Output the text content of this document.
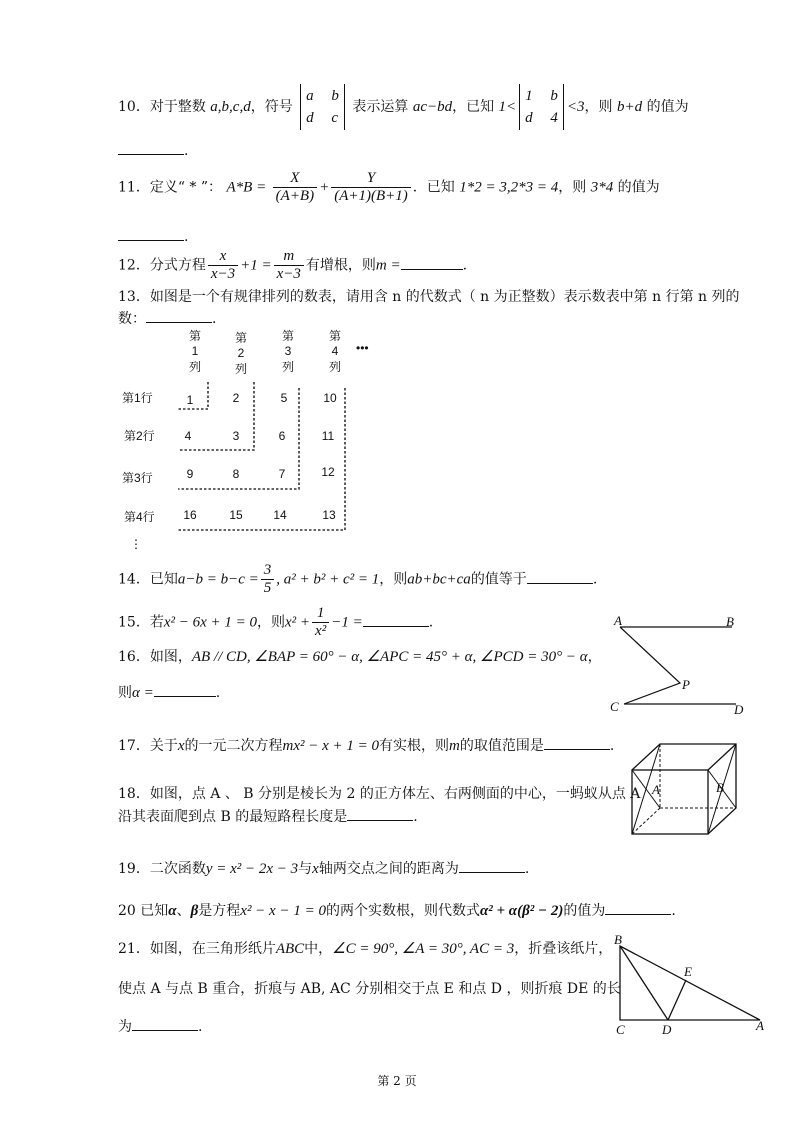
10．对于整数 a,b,c,d，符号
a b
d c
表示运算 ac−bd，已知 1<
1 b
d 4
<3，则 b+d 的值为
.
11．定义“ * ”： $A*B = \frac{X}{(A+B)} + \frac{Y}{(A+1)(B+1)}$ ．已知 1*2 = 3,2*3 = 4，则 3*4 的值为
.
12．分式方程 $\frac{x}{x-3} +1 = \frac{m}{x-3}$ 有增根，则m =	.
13．如图是一个有规律排列的数表，请用含 n 的代数式（ n 为正整数）表示数表中第 n 行第 n 列的
数：	.
第
1
列
第
2
列
第
3
列
第
4
列
•••
第1行	1	2	5	10
第2行 4	3	6	11
第3行	9	8	7	12
第4行 16	15	14	13
⋮
14．已知$a-b = b-c = \frac{3}{5}$ , a² + b² + c² = 1，则ab+bc+ca的值等于	.
15．若x² − 6x + 1 = 0，则$x^2 + \frac{1}{\text{x²}} -1$ =	.
16．如图，AB // CD, ∠BAP = 60° − α, ∠APC = 45° + α, ∠PCD = 30° − α，
则α =	.
A	B
P
C	D
17．关于x的一元二次方程mx² − x + 1 = 0有实根，则m的取值范围是	.
18．如图，点 A 、 B 分别是棱长为 2 的正方体左、右两侧面的中心，一蚂蚁从点 A
沿其表面爬到点 B 的最短路程长度是	.
A	B
19．二次函数y = x² − 2x − 3与x轴两交点之间的距离为	.
20 已知α、β是方程x² − x − 1 = 0的两个实数根，则代数式α² + α(β² − 2)的值为	.
21．如图，在三角形纸片ABC中，∠C = 90°, ∠A = 30°, AC = 3，折叠该纸片，
使点 A 与点 B 重合，折痕与 AB, AC 分别相交于点 E 和点 D ，则折痕 DE 的长
为	.
B
E
C	D	A
第 2 页
